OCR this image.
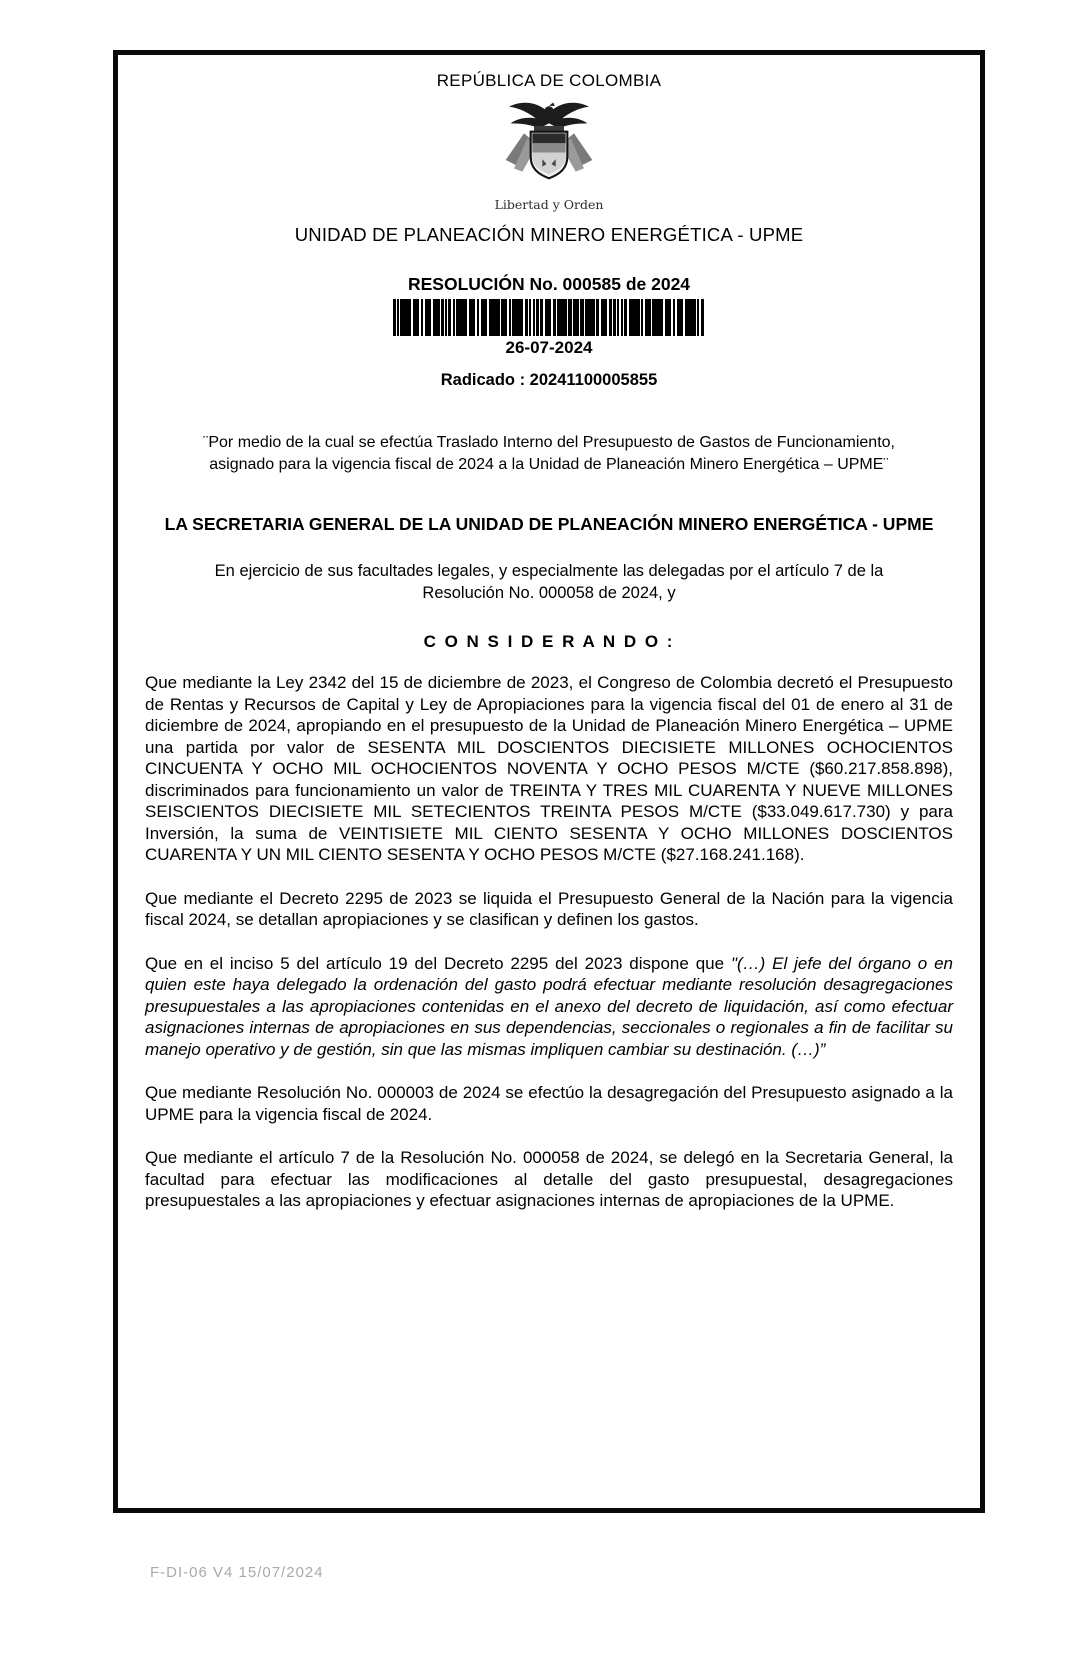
REPÚBLICA DE COLOMBIA
Libertad y Orden
UNIDAD DE PLANEACIÓN MINERO ENERGÉTICA - UPME
RESOLUCIÓN No. 000585 de 2024
26-07-2024
Radicado : 20241100005855
¨Por medio de la cual se efectúa Traslado Interno del Presupuesto de Gastos de Funcionamiento, asignado para la vigencia fiscal de 2024 a la Unidad de Planeación Minero Energética – UPME¨
LA SECRETARIA GENERAL DE LA UNIDAD DE PLANEACIÓN MINERO ENERGÉTICA - UPME
En ejercicio de sus facultades legales, y especialmente las delegadas por el artículo 7 de la Resolución No. 000058 de 2024, y
C O N S I D E R A N D O :

Que mediante la Ley 2342 del 15 de diciembre de 2023, el Congreso de Colombia decretó el Presupuesto de Rentas y Recursos de Capital y Ley de Apropiaciones para la vigencia fiscal del 01 de enero al 31 de diciembre de 2024, apropiando en el presupuesto de la Unidad de Planeación Minero Energética – UPME una partida por valor de SESENTA MIL DOSCIENTOS DIECISIETE MILLONES OCHOCIENTOS CINCUENTA Y OCHO MIL OCHOCIENTOS NOVENTA Y OCHO PESOS M/CTE ($60.217.858.898), discriminados para funcionamiento un valor de TREINTA Y TRES MIL CUARENTA Y NUEVE MILLONES SEISCIENTOS DIECISIETE MIL SETECIENTOS TREINTA PESOS M/CTE ($33.049.617.730) y para Inversión, la suma de VEINTISIETE MIL CIENTO SESENTA Y OCHO MILLONES DOSCIENTOS CUARENTA Y UN MIL CIENTO SESENTA Y OCHO PESOS M/CTE ($27.168.241.168).

Que mediante el Decreto 2295 de 2023 se liquida el Presupuesto General de la Nación para la vigencia fiscal 2024, se detallan apropiaciones y se clasifican y definen los gastos.

Que en el inciso 5 del artículo 19 del Decreto 2295 del 2023 dispone que "(…) El jefe del órgano o en quien este haya delegado la ordenación del gasto podrá efectuar mediante resolución desagregaciones presupuestales a las apropiaciones contenidas en el anexo del decreto de liquidación, así como efectuar asignaciones internas de apropiaciones en sus dependencias, seccionales o regionales a fin de facilitar su manejo operativo y de gestión, sin que las mismas impliquen cambiar su destinación. (…)”

Que mediante Resolución No. 000003 de 2024 se efectúo la desagregación del Presupuesto asignado a la UPME para la vigencia fiscal de 2024.

Que mediante el artículo 7 de la Resolución No. 000058 de 2024, se delegó en la Secretaria General, la facultad para efectuar las modificaciones al detalle del gasto presupuestal, desagregaciones presupuestales a las apropiaciones y efectuar asignaciones internas de apropiaciones de la UPME.

F-DI-06 V4 15/07/2024
